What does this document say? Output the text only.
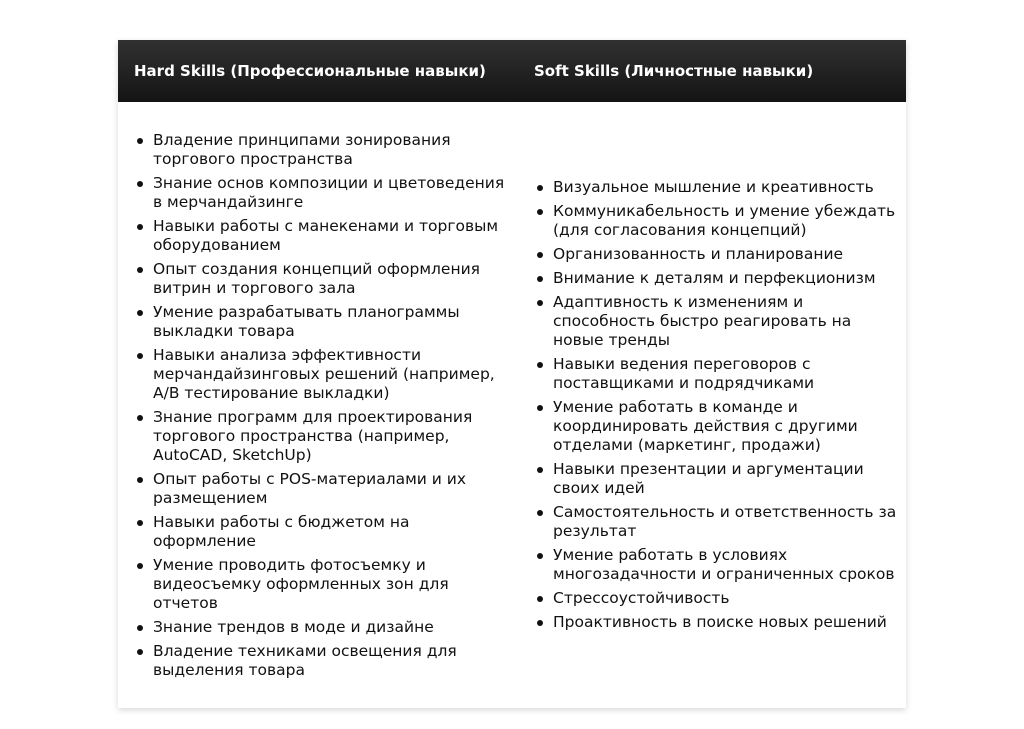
Hard Skills (Профессиональные навыки)	Soft Skills (Личностные навыки)
Владение принципами зонирования торгового пространства
Знание основ композиции и цветоведения в мерчандайзинге
Навыки работы с манекенами и торговым оборудованием
Опыт создания концепций оформления витрин и торгового зала
Умение разрабатывать планограммы выкладки товара
Навыки анализа эффективности мерчандайзинговых решений (например, A/B тестирование выкладки)
Знание программ для проектирования торгового пространства (например, AutoCAD, SketchUp)
Опыт работы с POS-материалами и их размещением
Навыки работы с бюджетом на оформление
Умение проводить фотосъемку и видеосъемку оформленных зон для отчетов
Знание трендов в моде и дизайне
Владение техниками освещения для выделения товара
Визуальное мышление и креативность
Коммуникабельность и умение убеждать (для согласования концепций)
Организованность и планирование
Внимание к деталям и перфекционизм
Адаптивность к изменениям и способность быстро реагировать на новые тренды
Навыки ведения переговоров с поставщиками и подрядчиками
Умение работать в команде и координировать действия с другими отделами (маркетинг, продажи)
Навыки презентации и аргументации своих идей
Самостоятельность и ответственность за результат
Умение работать в условиях многозадачности и ограниченных сроков
Стрессоустойчивость
Проактивность в поиске новых решений
